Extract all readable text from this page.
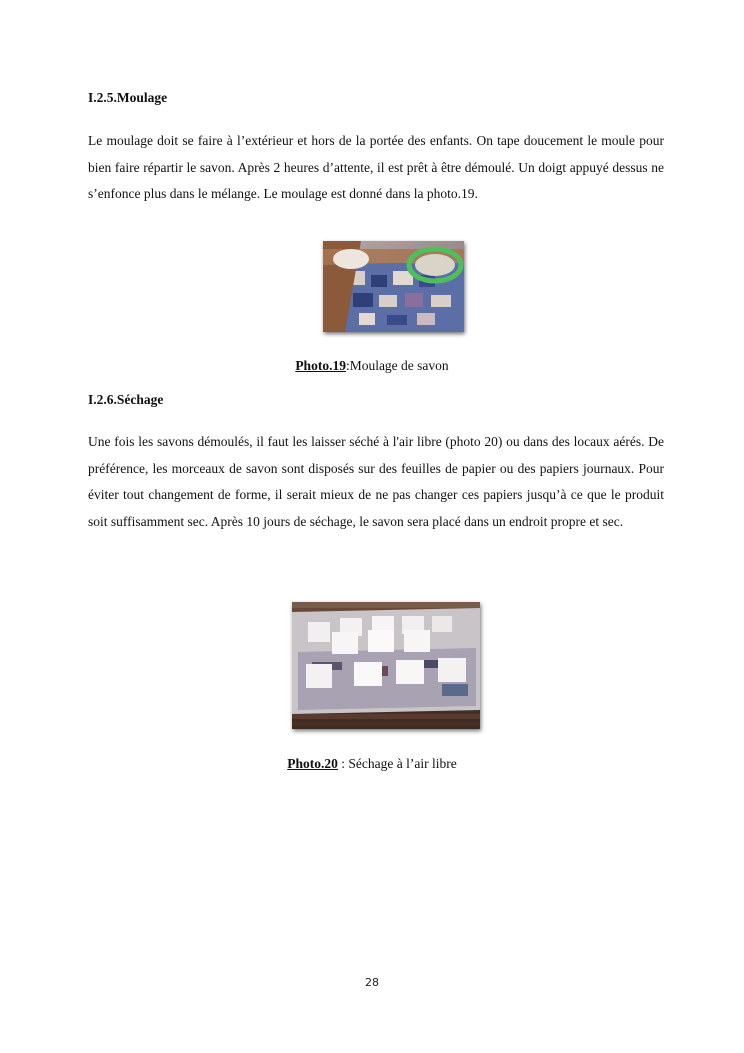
I.2.5.Moulage

Le moulage doit se faire à l’extérieur et hors de la portée des enfants. On tape doucement le moule pour bien faire répartir le savon. Après 2 heures d’attente, il est prêt à être démoulé. Un doigt appuyé dessus ne s’enfonce plus dans le mélange. Le moulage est donné dans la photo.19.

Photo.19:Moulage de savon

I.2.6.Séchage

Une fois les savons démoulés, il faut les laisser séché à l'air libre (photo 20) ou dans des locaux aérés. De préférence, les morceaux de savon sont disposés sur des feuilles de papier ou des papiers journaux. Pour éviter tout changement de forme, il serait mieux de ne pas changer ces papiers jusqu’à ce que le produit soit suffisamment sec. Après 10 jours de séchage, le savon sera placé dans un endroit propre et sec.

Photo.20 : Séchage à l’air libre

28
